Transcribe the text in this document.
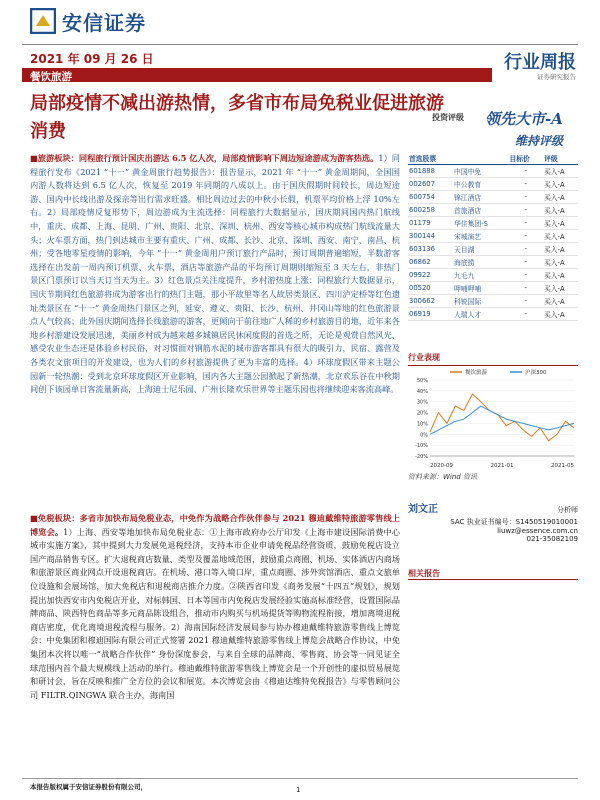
安信证券
行业周报
证券研究报告
2021 年 09 月 26 日
餐饮旅游
局部疫情不减出游热情，多省市布局免税业促进旅游消费
投资评级 领先大市-A
维持评级
■旅游板块：同程旅行预计国庆出游达 6.5 亿人次，局部疫情影响下周边短途游成为游客热选。1）同程旅行发布《2021 “十一” 黄金周旅行趋势报告》：报告显示，2021 年 “十一” 黄金周期间，全国国内游人数将达到 6.5 亿人次，恢复至 2019 年同期的八成以上。由于国庆假期时间较长，周边短途游、国内中长线出游及探亲等出行需求旺盛。相比周边过去的中秋小长假，机票平均价格上浮 10%左右。2）局部疫情反复形势下，周边游成为主流选择：同程旅行大数据显示，国庆期间国内热门航线中，重庆、成都、上海、昆明、广州、贵阳、北京、深圳、杭州、西安等核心城市构成热门航线流量大头；火车票方面，热门到达城市主要有重庆、广州、成都、长沙、北京、深圳、西安、南宁、南昌、杭州；受各地零星疫情的影响，今年 “十一” 黄金周用户预订旅行产品时，预订周期普遍缩短，半数游客选择在出发前一周内预订机票、火车票，酒店等旅游产品的平均预订周期则缩短至 3 天左右，非热门景区门票预订以当天订当天为主。3）红色景点关注度提升，乡村游热度上涨：同程旅行大数据显示，国庆节期间红色旅游将成为游客出行的热门主题，那小平故里等名人故居类景区、四川泸定桥等红色遗址类景区在 “十一” 黄金周热门景区之列，延安、遵义、贵阳、长沙、杭州、井冈山等地的红色旅游景点人气较高；此外国庆期间选择长线旅游的游客，更倾向于前往地广人稀的乡村旅游目的地，近年来各地乡村游建设发展迅速，美丽乡村成为越来越多城镇居民休闲度假的首选之所，无论是观赏自然风光、感受农业生态还是体验乡村民俗，对习惯面对钢筋水泥的城市游客都具有很大的吸引力，民宿、露营及各类农文旅项目的开发建设，也为人们的乡村旅游提供了更为丰富的选择。4）环球度假区带来主题公园新一轮热潮：受到北京环球度假区开业影响，国内各大主题公园掀起了新热潮，北京欢乐谷在中秋期间创下该园单日客流量新高，上海迪士尼乐园、广州长隆欢乐世界等主题乐园也将继续迎来客流高峰。
■免税板块：多省市加快布局免税业态，中免作为战略合作伙伴参与 2021 穆迪戴维特旅游零售线上博览会。1）上海、西安等地加快布局免税业态：①上海市政府办公厅印发《上海市建设国际消费中心城市实施方案》，其中提到大力发展免退税经济，支持本市企业申请免税品经营资质，鼓励免税店设立国产商品销售专区。扩大退税商店数量、类型及覆盖地域范围，鼓励重点商圈、机场、实体酒店内商场和旅游景区商业网点开设退税商店。在机场、港口等入境口岸，重点商圈、涉外宾馆酒店、重点文旅单位设施和会展场馆，加大免税店和退税商店推介力度。②陕西省印发《商务发展“十四五”规划》，规划提出加快西安市内免税店开业，对标韩国、日本等国市内免税店发展经验实施高标准经营，设置国际品牌商品、陕西特色商品等多元商品陈设组合，推动市内购买与机场提货等购物流程衔接，增加离境退税商店密度，优化离境退税流程与服务。2）海南国际经济发展局参与协办穆迪戴维特旅游零售线上博览会：中免集团和穆迪国际有限公司正式签署 2021 穆迪戴维特旅游零售线上博览会战略合作协议，中免集团本次将以唯一“战略合作伙伴” 身份深度参会，与来自全球的品牌商、零售商、协会等一同见证全球范围内首个最大规模线上活动的举行。穆迪戴维特旅游零售线上博览会是一个开创性的虚拟贸易展览和研讨会，旨在反映和推广全方位的会议和展览。本次博览会由《穆迪达维特免税报告》与零售顾问公司 FILTR.QINGWA 联合主办，海南国
首选股票		目标价	评级
601888	中国中免	-	买入-A
002607	中公教育	-	买入-A
600754	锦江酒店	-	买入-A
600258	首旅酒店	-	买入-A
01179	华住集团-S	-	买入-A
300144	宋城演艺	-	买入-A
603136	天目湖	-	买入-A
06862	海底捞	-	买入-A
09922	九毛九	-	买入-A
00520	呷哺呷哺	-	买入-A
300662	科锐国际	-	买入-A
06919	人瑞人才	-	买入-A
行业表现
50%
40%
30%
20%
10%
0%
-10%
-20%
餐饮旅游	沪深300
2020-09	2021-01	2021-05
资料来源：Wind 资讯
刘文正	分析师
SAC 执业证书编号：S1450519010001
liuwz@essence.com.cn
021-35082109
相关报告
本报告版权属于安信证券股份有限公司，	1
